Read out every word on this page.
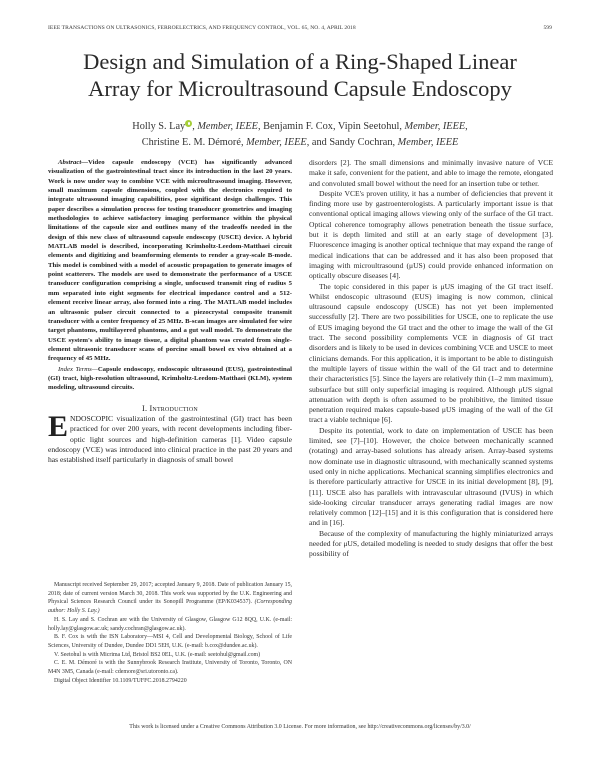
IEEE TRANSACTIONS ON ULTRASONICS, FERROELECTRICS, AND FREQUENCY CONTROL, VOL. 65, NO. 4, APRIL 2018	599
Design and Simulation of a Ring-Shaped Linear
Array for Microultrasound Capsule Endoscopy
Holly S. Lay , Member, IEEE, Benjamin F. Cox, Vipin Seetohul, Member, IEEE,
Christine E. M. Démoré, Member, IEEE, and Sandy Cochran, Member, IEEE

Abstract—Video capsule endoscopy (VCE) has significantly advanced visualization of the gastrointestinal tract since its introduction in the last 20 years. Work is now under way to combine VCE with microultrasound imaging. However, small maximum capsule dimensions, coupled with the electronics required to integrate ultrasound imaging capabilities, pose significant design challenges. This paper describes a simulation process for testing transducer geometries and imaging methodologies to achieve satisfactory imaging performance within the physical limitations of the capsule size and outlines many of the tradeoffs needed in the design of this new class of ultrasound capsule endoscopy (USCE) device. A hybrid MATLAB model is described, incorporating Krimholtz-Leedom-Matthaei circuit elements and digitizing and beamforming elements to render a gray-scale B-mode. This model is combined with a model of acoustic propagation to generate images of point scatterers. The models are used to demonstrate the performance of a USCE transducer configuration comprising a single, unfocused transmit ring of radius 5 mm separated into eight segments for electrical impedance control and a 512-element receive linear array, also formed into a ring. The MATLAB model includes an ultrasonic pulser circuit connected to a piezocrystal composite transmit transducer with a center frequency of 25 MHz. B-scan images are simulated for wire target phantoms, multilayered phantoms, and a gut wall model. To demonstrate the USCE system's ability to image tissue, a digital phantom was created from single-element ultrasonic transducer scans of porcine small bowel ex vivo obtained at a frequency of 45 MHz.

Index Terms—Capsule endoscopy, endoscopic ultrasound (EUS), gastrointestinal (GI) tract, high-resolution ultrasound, Krimholtz-Leedom-Matthaei (KLM), system modeling, ultrasound circuits.

I. Introduction

ENDOSCOPIC visualization of the gastrointestinal (GI) tract has been practiced for over 200 years, with recent developments including fiber-optic light sources and high-definition cameras [1]. Video capsule endoscopy (VCE) was introduced into clinical practice in the past 20 years and has established itself particularly in diagnosis of small bowel

Manuscript received September 29, 2017; accepted January 9, 2018. Date of publication January 15, 2018; date of current version March 30, 2018. This work was supported by the U.K. Engineering and Physical Sciences Research Council under its Sonopill Programme (EP/K034537). (Corresponding author: Holly S. Lay.)

H. S. Lay and S. Cochran are with the University of Glasgow, Glasgow G12 8QQ, U.K. (e-mail: holly.lay@glasgow.ac.uk; sandy.cochran@glasgow.ac.uk).

B. F. Cox is with the ISN Laboratory—MSI 4, Cell and Developmental Biology, School of Life Sciences, University of Dundee, Dundee DD1 5EH, U.K. (e-mail: b.cox@dundee.ac.uk).

V. Seetohul is with Micrima Ltd, Bristol BS2 0EL, U.K. (e-mail: seetohul@gmail.com)

C. E. M. Démoré is with the Sunnybrook Research Institute, University of Toronto, Toronto, ON M4N 3M5, Canada (e-mail: cdemore@sri.utoronto.ca).

Digital Object Identifier 10.1109/TUFFC.2018.2794220

disorders [2]. The small dimensions and minimally invasive nature of VCE make it safe, convenient for the patient, and able to image the remote, elongated and convoluted small bowel without the need for an insertion tube or tether.

Despite VCE's proven utility, it has a number of deficiencies that prevent it finding more use by gastroenterologists. A particularly important issue is that conventional optical imaging allows viewing only of the surface of the GI tract. Optical coherence tomography allows penetration beneath the tissue surface, but it is depth limited and still at an early stage of development [3]. Fluorescence imaging is another optical technique that may expand the range of medical indications that can be addressed and it has also been proposed that imaging with microultrasound (μUS) could provide enhanced information on optically obscure diseases [4].

The topic considered in this paper is μUS imaging of the GI tract itself. Whilst endoscopic ultrasound (EUS) imaging is now common, clinical ultrasound capsule endoscopy (USCE) has not yet been implemented successfully [2]. There are two possibilities for USCE, one to replicate the use of EUS imaging beyond the GI tract and the other to image the wall of the GI tract. The second possibility complements VCE in diagnosis of GI tract disorders and is likely to be used in devices combining VCE and USCE to meet clinicians demands. For this application, it is important to be able to distinguish the multiple layers of tissue within the wall of the GI tract and to determine their characteristics [5]. Since the layers are relatively thin (1–2 mm maximum), subsurface but still only superficial imaging is required. Although μUS signal attenuation with depth is often assumed to be prohibitive, the limited tissue penetration required makes capsule-based μUS imaging of the wall of the GI tract a viable technique [6].

Despite its potential, work to date on implementation of USCE has been limited, see [7]–[10]. However, the choice between mechanically scanned (rotating) and array-based solutions has already arisen. Array-based systems now dominate use in diagnostic ultrasound, with mechanically scanned systems used only in niche applications. Mechanical scanning simplifies electronics and is therefore particularly attractive for USCE in its initial development [8], [9], [11]. USCE also has parallels with intravascular ultrasound (IVUS) in which side-looking circular transducer arrays generating radial images are now relatively common [12]–[15] and it is this configuration that is considered here and in [16].

Because of the complexity of manufacturing the highly miniaturized arrays needed for μUS, detailed modeling is needed to study designs that offer the best possibility of

This work is licensed under a Creative Commons Attribution 3.0 License. For more information, see http://creativecommons.org/licenses/by/3.0/
